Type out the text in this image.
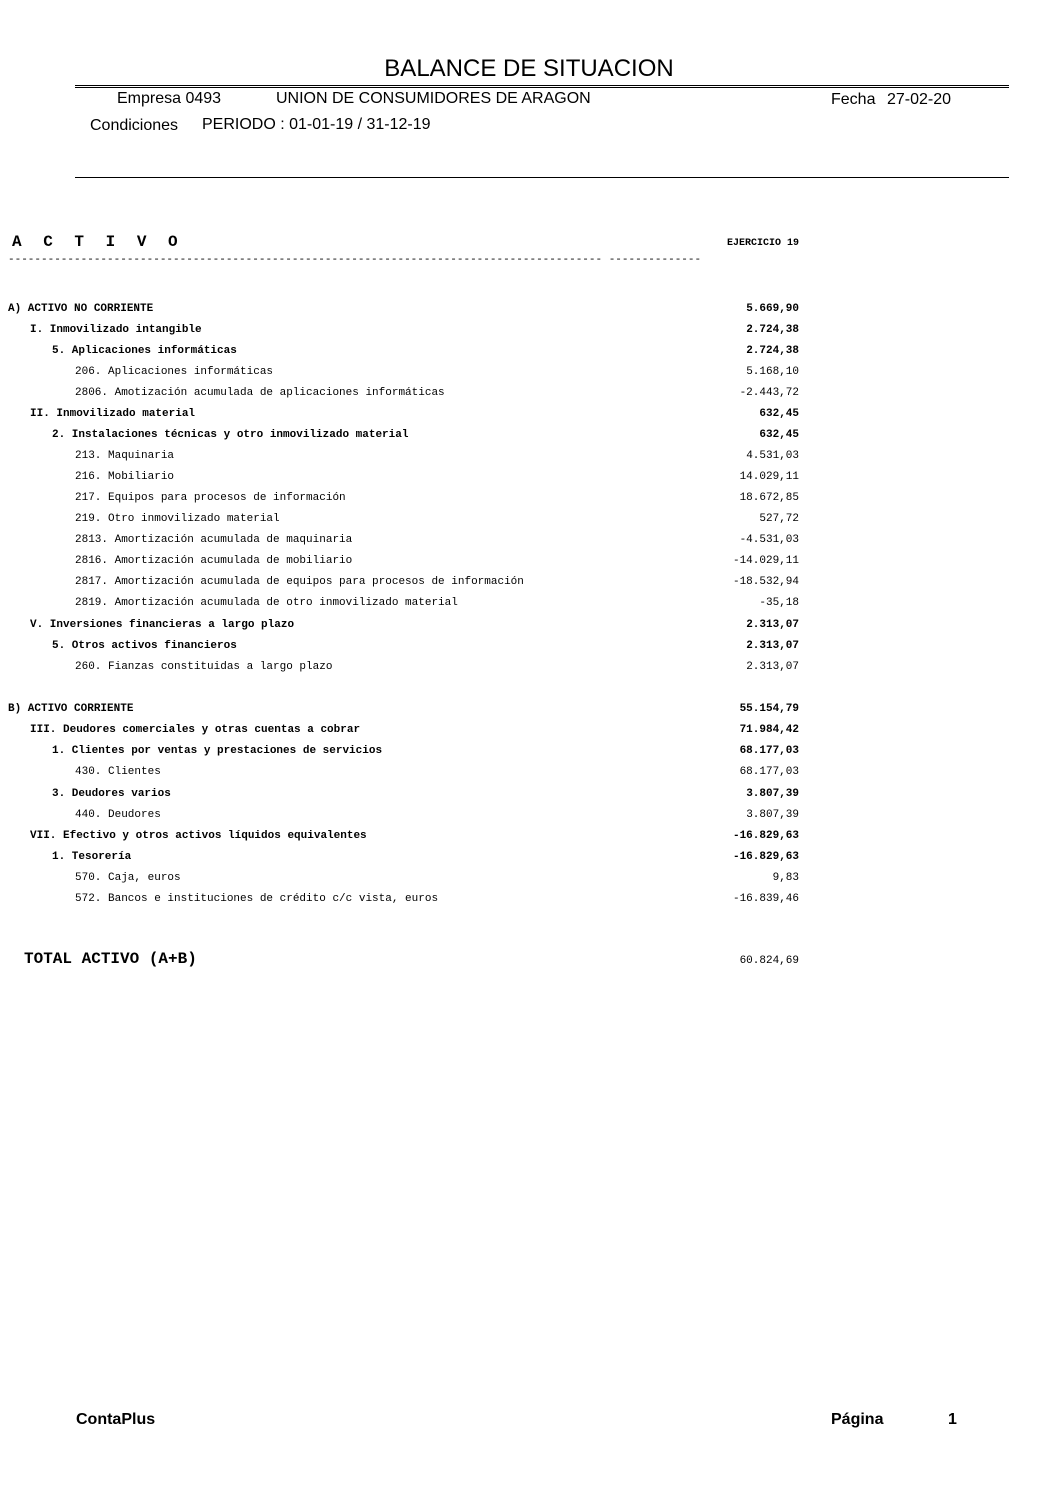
BALANCE DE SITUACION
Empresa 0493	UNION DE CONSUMIDORES DE ARAGON	Fecha 27-02-20
Condiciones PERIODO : 01-01-19 / 31-12-19
A C T I V O	EJERCICIO 19
------------------------------------------------------------------------------------------ --------------
A) ACTIVO NO CORRIENTE	5.669,90
I. Inmovilizado intangible	2.724,38
5. Aplicaciones informáticas	2.724,38
206. Aplicaciones informáticas	5.168,10
2806. Amotización acumulada de aplicaciones informáticas	-2.443,72
II. Inmovilizado material	632,45
2. Instalaciones técnicas y otro inmovilizado material	632,45
213. Maquinaria	4.531,03
216. Mobiliario	14.029,11
217. Equipos para procesos de información	18.672,85
219. Otro inmovilizado material	527,72
2813. Amortización acumulada de maquinaria	-4.531,03
2816. Amortización acumulada de mobiliario	-14.029,11
2817. Amortización acumulada de equipos para procesos de información	-18.532,94
2819. Amortización acumulada de otro inmovilizado material	-35,18
V. Inversiones financieras a largo plazo	2.313,07
5. Otros activos financieros	2.313,07
260. Fianzas constituidas a largo plazo	2.313,07
B) ACTIVO CORRIENTE	55.154,79
III. Deudores comerciales y otras cuentas a cobrar	71.984,42
1. Clientes por ventas y prestaciones de servicios	68.177,03
430. Clientes	68.177,03
3. Deudores varios	3.807,39
440. Deudores	3.807,39
VII. Efectivo y otros activos líquidos equivalentes	-16.829,63
1. Tesorería	-16.829,63
570. Caja, euros	9,83
572. Bancos e instituciones de crédito c/c vista, euros	-16.839,46
TOTAL ACTIVO (A+B)	60.824,69
ContaPlus	Página	1
